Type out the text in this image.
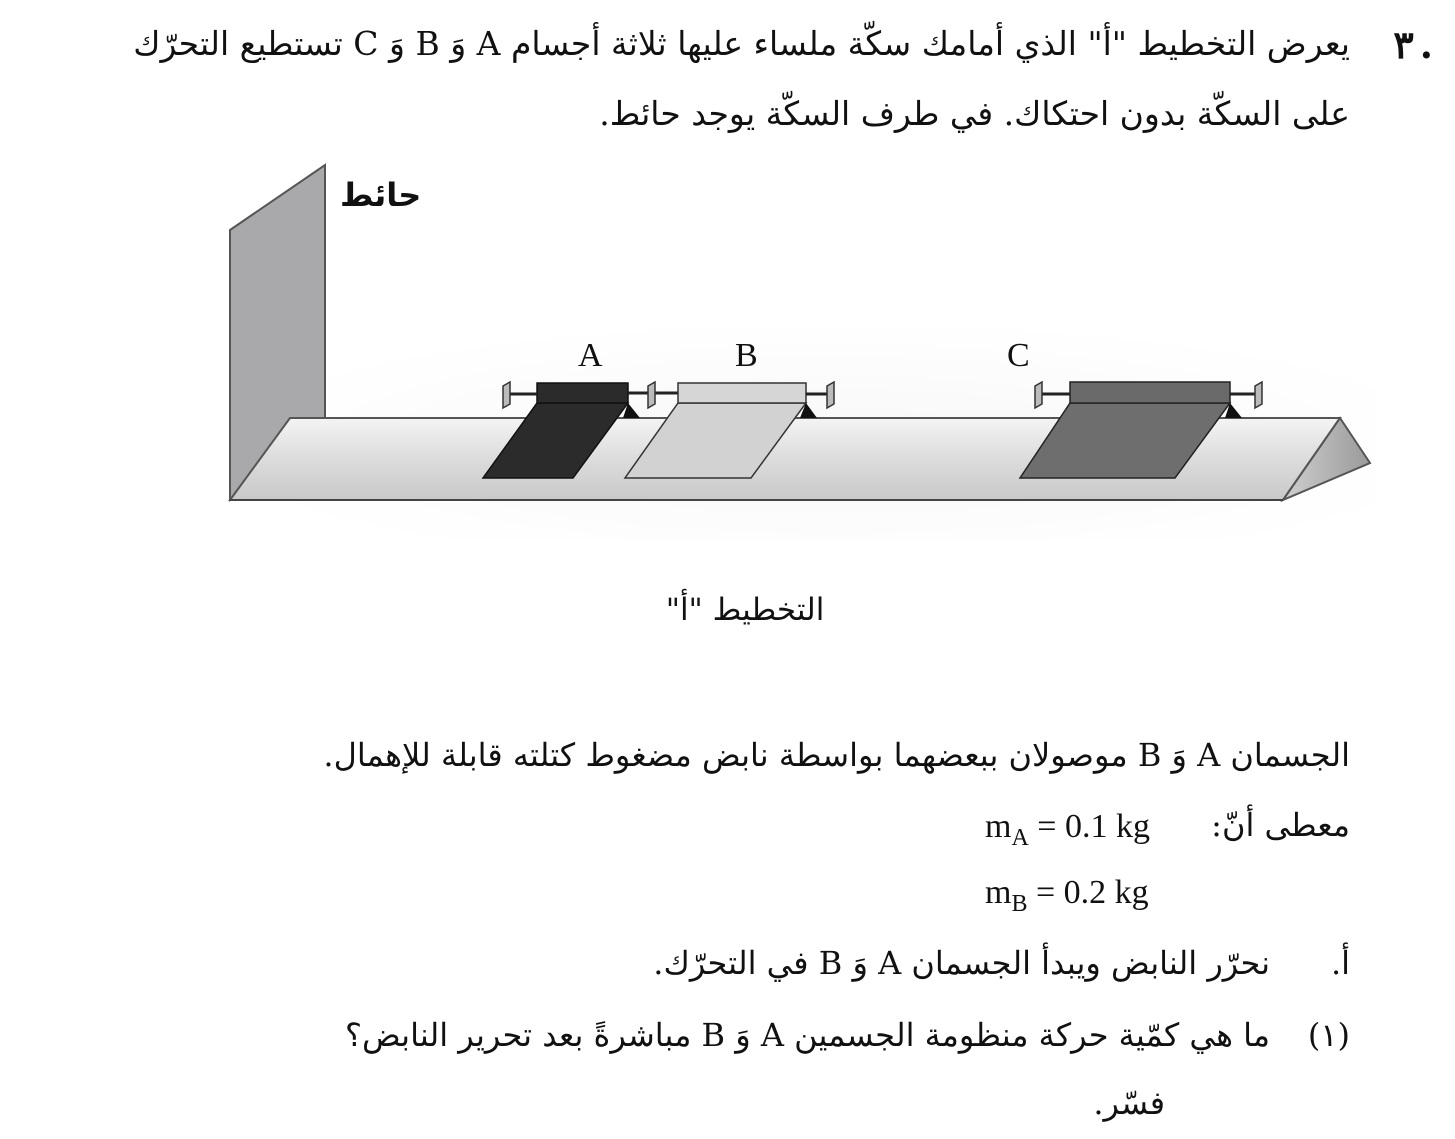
٣ .
يعرض التخطيط "أ" الذي أمامك سكّة ملساء عليها ثلاثة أجسام A وَ B وَ C تستطيع التحرّك
على السكّة بدون احتكاك. في طرف السكّة يوجد حائط.
حائط
A	B	C
التخطيط "أ"
الجسمان A وَ B موصولان ببعضهما بواسطة نابض مضغوط كتلته قابلة للإهمال.
معطى أنّ:
$m_A = 0.1$ kg
$m_B = 0.2$ kg
أ.
نحرّر النابض ويبدأ الجسمان A وَ B في التحرّك.
(١)
ما هي كمّية حركة منظومة الجسمين A وَ B مباشرةً بعد تحرير النابض؟
فسّر.
